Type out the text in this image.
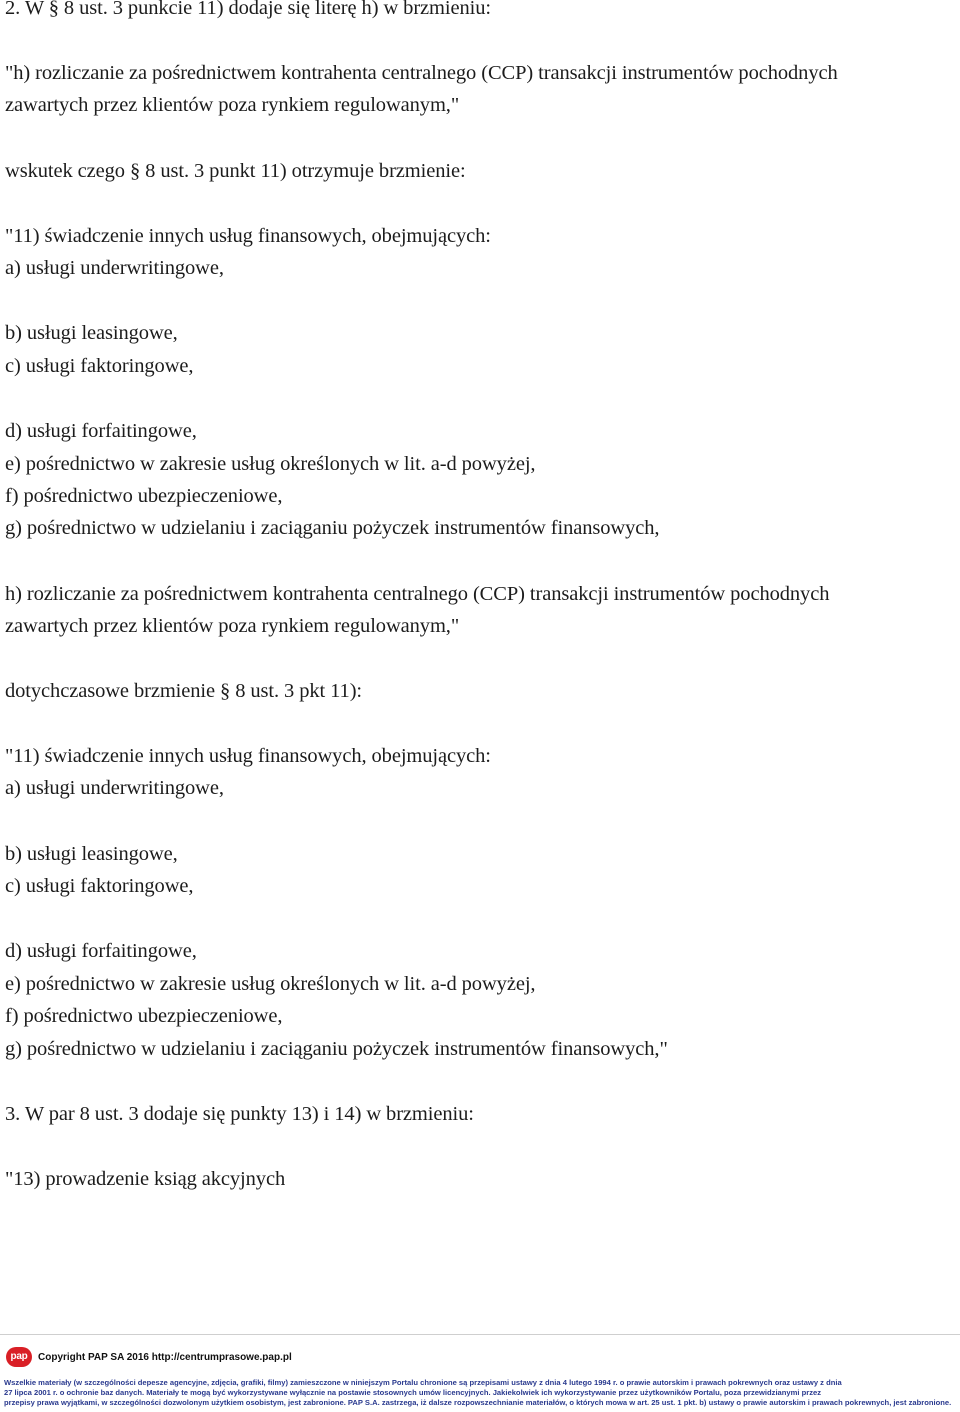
2. W § 8 ust. 3 punkcie 11) dodaje się literę h) w brzmieniu:
"h) rozliczanie za pośrednictwem kontrahenta centralnego (CCP) transakcji instrumentów pochodnych
zawartych przez klientów poza rynkiem regulowanym,"
wskutek czego § 8 ust. 3 punkt 11) otrzymuje brzmienie:
"11) świadczenie innych usług finansowych, obejmujących:
a) usługi underwritingowe,
b) usługi leasingowe,
c) usługi faktoringowe,
d) usługi forfaitingowe,
e) pośrednictwo w zakresie usług określonych w lit. a-d powyżej,
f) pośrednictwo ubezpieczeniowe,
g) pośrednictwo w udzielaniu i zaciąganiu pożyczek instrumentów finansowych,
h) rozliczanie za pośrednictwem kontrahenta centralnego (CCP) transakcji instrumentów pochodnych
zawartych przez klientów poza rynkiem regulowanym,"
dotychczasowe brzmienie § 8 ust. 3 pkt 11):
"11) świadczenie innych usług finansowych, obejmujących:
a) usługi underwritingowe,
b) usługi leasingowe,
c) usługi faktoringowe,
d) usługi forfaitingowe,
e) pośrednictwo w zakresie usług określonych w lit. a-d powyżej,
f) pośrednictwo ubezpieczeniowe,
g) pośrednictwo w udzielaniu i zaciąganiu pożyczek instrumentów finansowych,"
3. W par 8 ust. 3 dodaje się punkty 13) i 14) w brzmieniu:
"13) prowadzenie ksiąg akcyjnych
pap	Copyright PAP SA 2016 http://centrumprasowe.pap.pl
Wszelkie materiały (w szczególności depesze agencyjne, zdjęcia, grafiki, filmy) zamieszczone w niniejszym Portalu chronione są przepisami ustawy z dnia 4 lutego 1994 r. o prawie autorskim i prawach pokrewnych oraz ustawy z dnia
27 lipca 2001 r. o ochronie baz danych. Materiały te mogą być wykorzystywane wyłącznie na postawie stosownych umów licencyjnych. Jakiekolwiek ich wykorzystywanie przez użytkowników Portalu, poza przewidzianymi przez
przepisy prawa wyjątkami, w szczególności dozwolonym użytkiem osobistym, jest zabronione. PAP S.A. zastrzega, iż dalsze rozpowszechnianie materiałów, o których mowa w art. 25 ust. 1 pkt. b) ustawy o prawie autorskim i prawach pokrewnych, jest zabronione.
